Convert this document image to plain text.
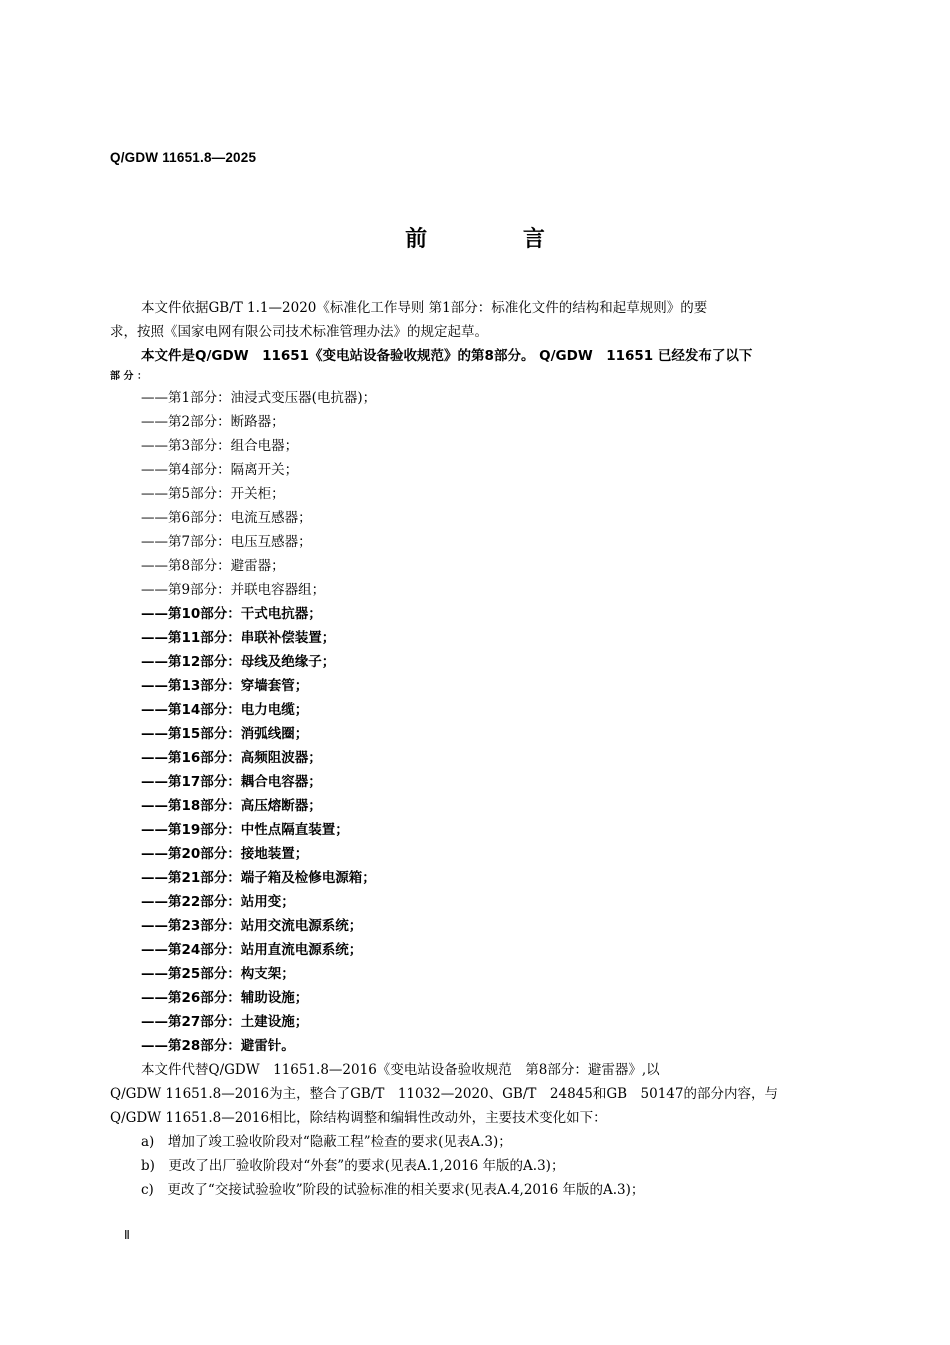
Q/GDW 11651.8—2025
前 言
本文件依据GB/T 1.1—2020《标准化工作导则 第1部分：标准化文件的结构和起草规则》的要
求，按照《国家电网有限公司技术标准管理办法》的规定起草。
本文件是Q/GDW　11651《变电站设备验收规范》的第8部分。 Q/GDW　11651 已经发布了以下
部 分 ：
——第1部分：油浸式变压器(电抗器)；
——第2部分：断路器；
——第3部分：组合电器；
——第4部分：隔离开关；
——第5部分：开关柜；
——第6部分：电流互感器；
——第7部分：电压互感器；
——第8部分：避雷器；
——第9部分：并联电容器组；
——第10部分：干式电抗器；
——第11部分：串联补偿装置；
——第12部分：母线及绝缘子；
——第13部分：穿墙套管；
——第14部分：电力电缆；
——第15部分：消弧线圈；
——第16部分：高频阻波器；
——第17部分：耦合电容器；
——第18部分：高压熔断器；
——第19部分：中性点隔直装置；
——第20部分：接地装置；
——第21部分：端子箱及检修电源箱；
——第22部分：站用变；
——第23部分：站用交流电源系统；
——第24部分：站用直流电源系统；
——第25部分：构支架；
——第26部分：辅助设施；
——第27部分：土建设施；
——第28部分：避雷针。
本文件代替Q/GDW　11651.8—2016《变电站设备验收规范　第8部分：避雷器》,以
Q/GDW 11651.8—2016为主，整合了GB/T　11032—2020、GB/T　24845和GB　50147的部分内容，与
Q/GDW 11651.8—2016相比，除结构调整和编辑性改动外，主要技术变化如下：
a)　增加了竣工验收阶段对“隐蔽工程”检查的要求(见表A.3)；
b)　更改了出厂验收阶段对“外套”的要求(见表A.1,2016 年版的A.3)；
c)　更改了“交接试验验收”阶段的试验标准的相关要求(见表A.4,2016 年版的A.3)；
Ⅱ
